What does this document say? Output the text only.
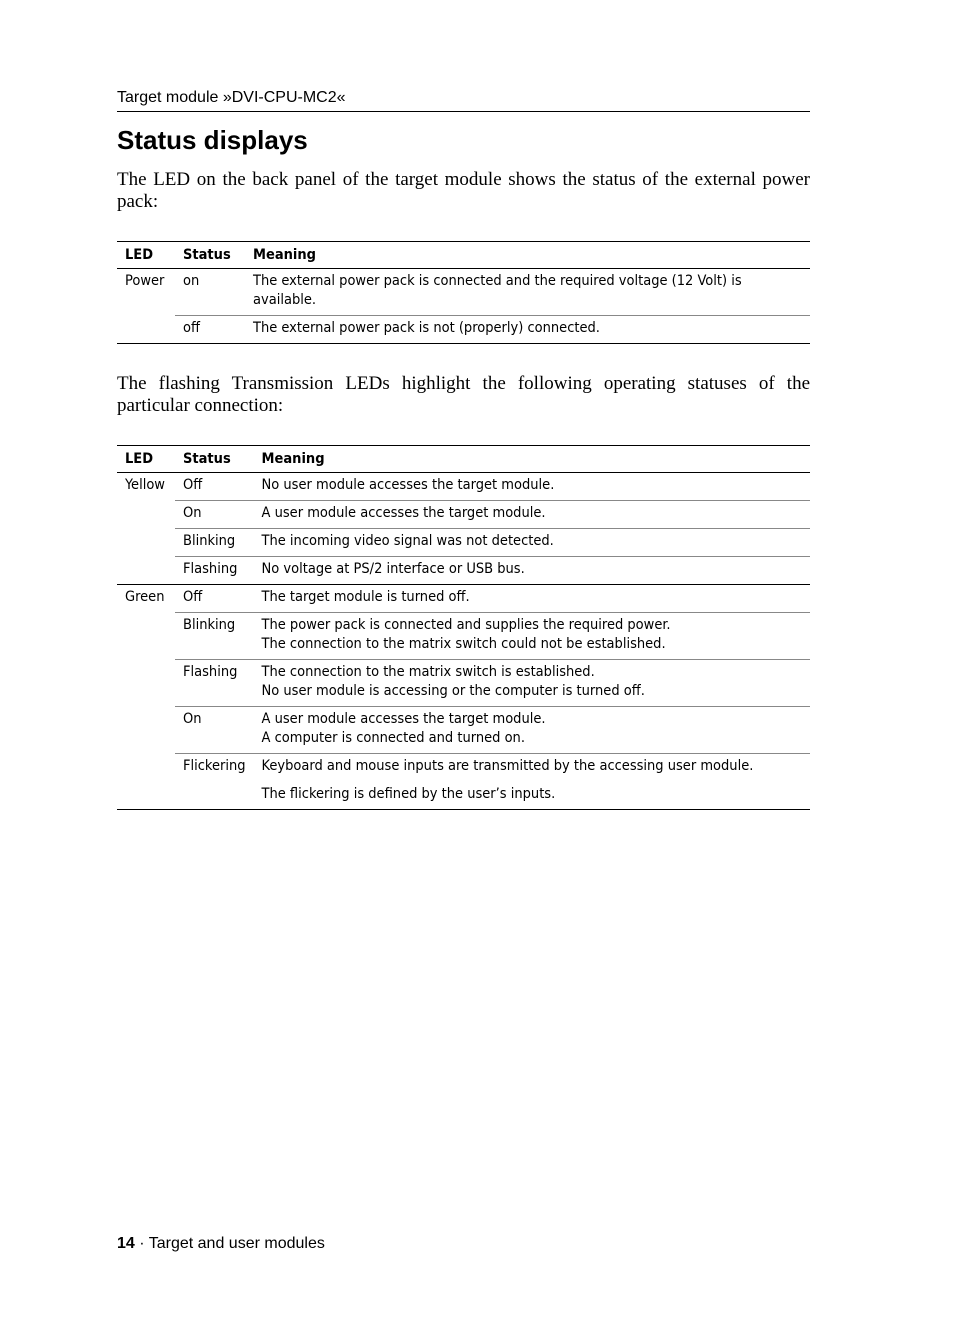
Target module »DVI-CPU-MC2«
Status displays

The LED on the back panel of the target module shows the status of the external power pack:

LED	Status	Meaning
Power	on	The external power pack is connected and the required voltage (12 Volt) is available.
	off	The external power pack is not (properly) connected.

The flashing Transmission LEDs highlight the following operating statuses of the particular connection:

LED	Status	Meaning
Yellow	Off	No user module accesses the target module.
	On	A user module accesses the target module.
	Blinking	The incoming video signal was not detected.
	Flashing	No voltage at PS/2 interface or USB bus.
Green	Off	The target module is turned off.
	Blinking	The power pack is connected and supplies the required power.
The connection to the matrix switch could not be established.
	Flashing	The connection to the matrix switch is established.
No user module is accessing or the computer is turned off.
	On	A user module accesses the target module.
A computer is connected and turned on.
	Flickering	Keyboard and mouse inputs are transmitted by the accessing user module.
The flickering is defined by the user’s inputs.
14 · Target and user modules
